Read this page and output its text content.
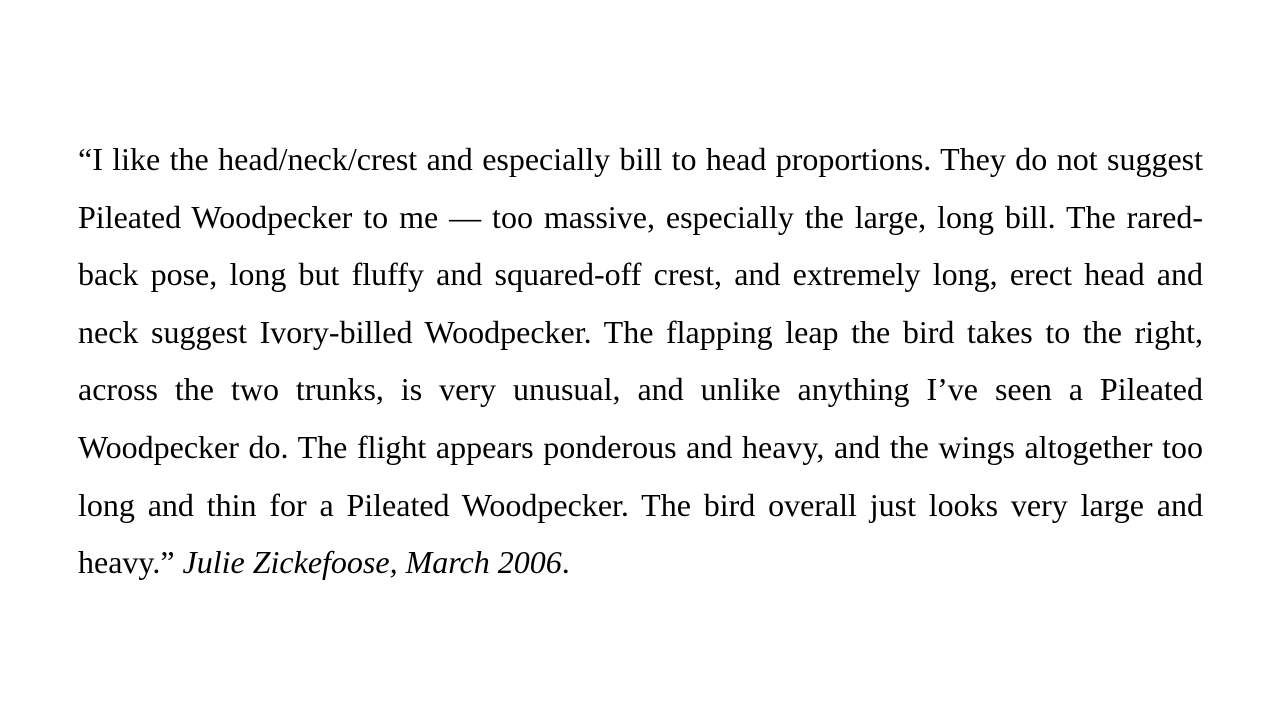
“I like the head/neck/crest and especially bill to head proportions. They do not suggest Pileated Woodpecker to me — too massive, especially the large, long bill. The rared-back pose, long but fluffy and squared-off crest, and extremely long, erect head and neck suggest Ivory-billed Woodpecker. The flapping leap the bird takes to the right, across the two trunks, is very unusual, and unlike anything I’ve seen a Pileated Woodpecker do. The flight appears ponderous and heavy, and the wings altogether too long and thin for a Pileated Woodpecker. The bird overall just looks very large and heavy.” Julie Zickefoose, March 2006.
